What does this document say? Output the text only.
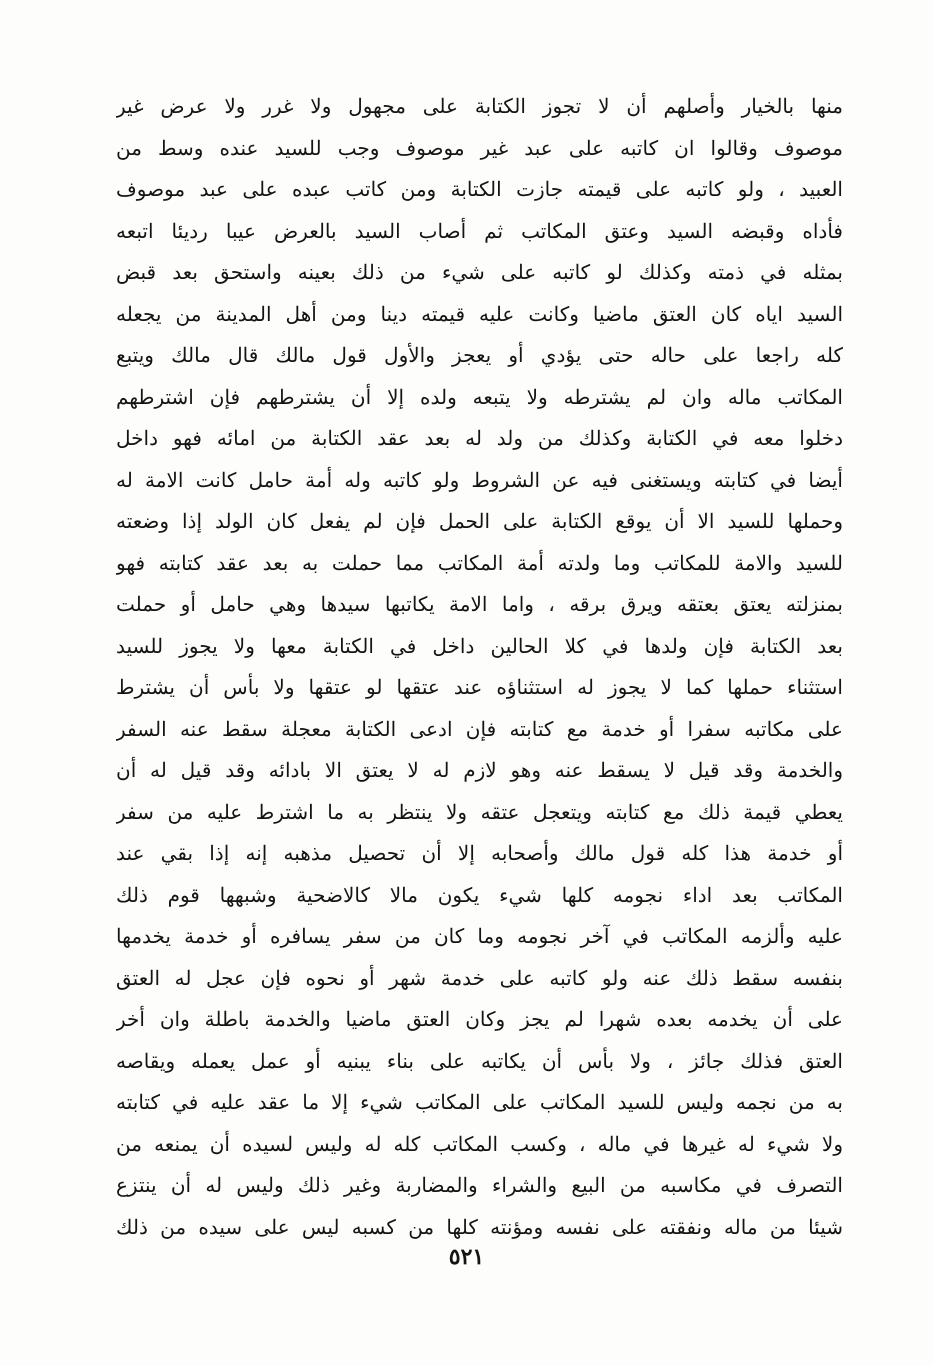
منها بالخيار وأصلهم أن لا تجوز الكتابة على مجهول ولا غرر ولا عرض غير
موصوف وقالوا ان كاتبه على عبد غير موصوف وجب للسيد عنده وسط من
العبيد ، ولو كاتبه على قيمته جازت الكتابة ومن كاتب عبده على عبد موصوف
فأداه وقبضه السيد وعتق المكاتب ثم أصاب السيد بالعرض عيبا رديئا اتبعه
بمثله في ذمته وكذلك لو كاتبه على شيء من ذلك بعينه واستحق بعد قبض
السيد اياه كان العتق ماضيا وكانت عليه قيمته دينا ومن أهل المدينة من يجعله
كله راجعا على حاله حتى يؤدي أو يعجز والأول قول مالك قال مالك ويتبع
المكاتب ماله وان لم يشترطه ولا يتبعه ولده إلا أن يشترطهم فإن اشترطهم
دخلوا معه في الكتابة وكذلك من ولد له بعد عقد الكتابة من امائه فهو داخل
أيضا في كتابته ويستغنى فيه عن الشروط ولو كاتبه وله أمة حامل كانت الامة له
وحملها للسيد الا أن يوقع الكتابة على الحمل فإن لم يفعل كان الولد إذا وضعته
للسيد والامة للمكاتب وما ولدته أمة المكاتب مما حملت به بعد عقد كتابته فهو
بمنزلته يعتق بعتقه ويرق برقه ، واما الامة يكاتبها سيدها وهي حامل أو حملت
بعد الكتابة فإن ولدها في كلا الحالين داخل في الكتابة معها ولا يجوز للسيد
استثناء حملها كما لا يجوز له استثناؤه عند عتقها لو عتقها ولا بأس أن يشترط
على مكاتبه سفرا أو خدمة مع كتابته فإن ادعى الكتابة معجلة سقط عنه السفر
والخدمة وقد قيل لا يسقط عنه وهو لازم له لا يعتق الا بادائه وقد قيل له أن
يعطي قيمة ذلك مع كتابته ويتعجل عتقه ولا ينتظر به ما اشترط عليه من سفر
أو خدمة هذا كله قول مالك وأصحابه إلا أن تحصيل مذهبه إنه إذا بقي عند
المكاتب بعد اداء نجومه كلها شيء يكون مالا كالاضحية وشبهها قوم ذلك
عليه وألزمه المكاتب في آخر نجومه وما كان من سفر يسافره أو خدمة يخدمها
بنفسه سقط ذلك عنه ولو كاتبه على خدمة شهر أو نحوه فإن عجل له العتق
على أن يخدمه بعده شهرا لم يجز وكان العتق ماضيا والخدمة باطلة وان أخر
العتق فذلك جائز ، ولا بأس أن يكاتبه على بناء يبنيه أو عمل يعمله ويقاصه
به من نجمه وليس للسيد المكاتب على المكاتب شيء إلا ما عقد عليه في كتابته
ولا شيء له غيرها في ماله ، وكسب المكاتب كله له وليس لسيده أن يمنعه من
التصرف في مكاسبه من البيع والشراء والمضاربة وغير ذلك وليس له أن ينتزع
شيئا من ماله ونفقته على نفسه ومؤنته كلها من كسبه ليس على سيده من ذلك
٥٢١
